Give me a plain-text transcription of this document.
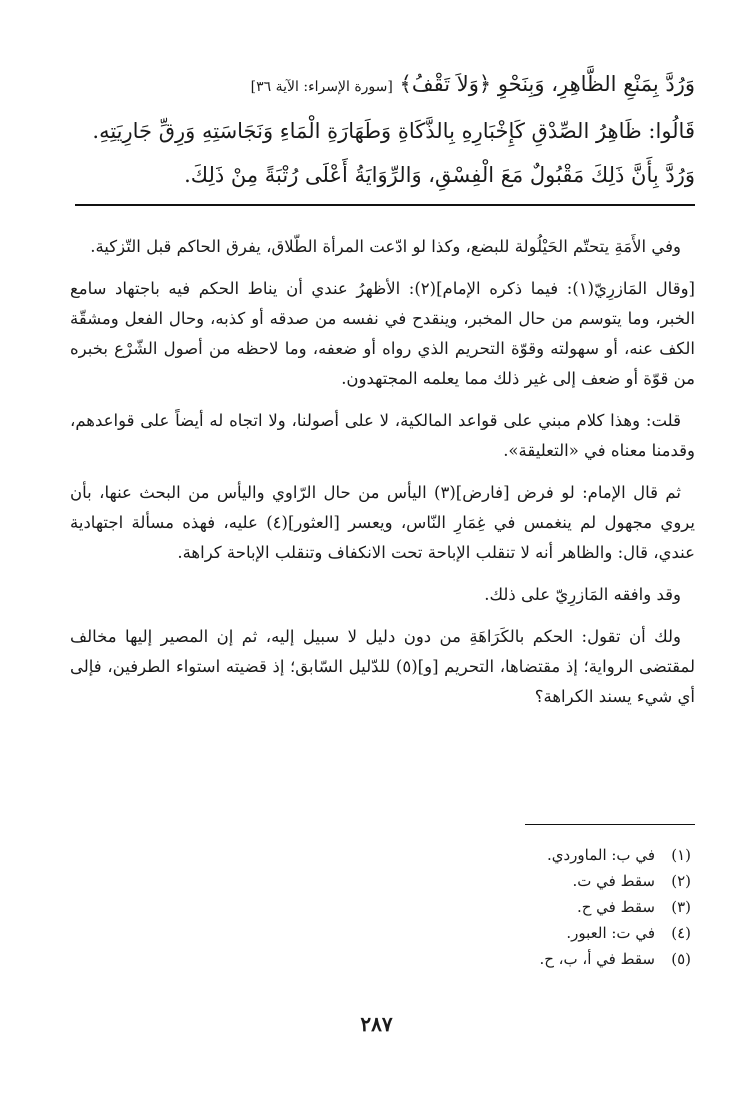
وَرُدَّ بِمَنْعِ الظَّاهِرِ، وَبِنَحْوِ ﴿وَلاَ تَقْفُ﴾ [سورة الإسراء: الآية ٣٦]
قَالُوا: ظَاهِرُ الصِّدْقِ كَإِخْبَارِهِ بِالذَّكَاةِ وَطَهَارَةِ الْمَاءِ وَنَجَاسَتِهِ وَرِقِّ جَارِيَتِهِ.
وَرُدَّ بِأَنَّ ذَلِكَ مَقْبُولٌ مَعَ الْفِسْقِ، وَالرِّوَايَةُ أَعْلَى رُتْبَةً مِنْ ذَلِكَ.

وفي الأَمَةِ يتحتّم الحَيْلُولة للبضع، وكذا لو ادّعت المرأة الطّلاق، يفرق الحاكم قبل التّزكية.

[وقال المَازرِيّ(١): فيما ذكره الإمام](٢): الأظهرُ عندي أن يناط الحكم فيه باجتهاد سامع الخبر، وما يتوسم من حال المخبر، وينقدح في نفسه من صدقه أو كذبه، وحال الفعل ومشقّة الكف عنه، أو سهولته وقوّة التحريم الذي رواه أو ضعفه، وما لاحظه من أصول الشّرْع بخبره من قوّة أو ضعف إلى غير ذلك مما يعلمه المجتهدون.

قلت: وهذا كلام مبني على قواعد المالكية، لا على أصولنا، ولا اتجاه له أيضاً على قواعدهم، وقدمنا معناه في «التعليقة».

ثم قال الإمام: لو فرض [فارض](٣) اليأس من حال الرّاوي واليأس من البحث عنها، بأن يروي مجهول لم ينغمس في غِمَارِ النّاس، ويعسر [العثور](٤) عليه، فهذه مسألة اجتهادية عندي، قال: والظاهر أنه لا تنقلب الإباحة تحت الانكفاف وتنقلب الإباحة كراهة.

وقد وافقه المَازرِيّ على ذلك.

ولك أن تقول: الحكم بالكَرَاهَةِ من دون دليل لا سبيل إليه، ثم إن المصير إليها مخالف لمقتضى الرواية؛ إذ مقتضاها، التحريم [و](٥) للدّليل السّابق؛ إذ قضيته استواء الطرفين، فإلى أي شيء يسند الكراهة؟

(١)
في ب: الماوردي.
(٢)
سقط في ت.
(٣)
سقط في ح.
(٤)
في ت: العبور.
(٥)
سقط في أ، ب، ح.
٢٨٧
